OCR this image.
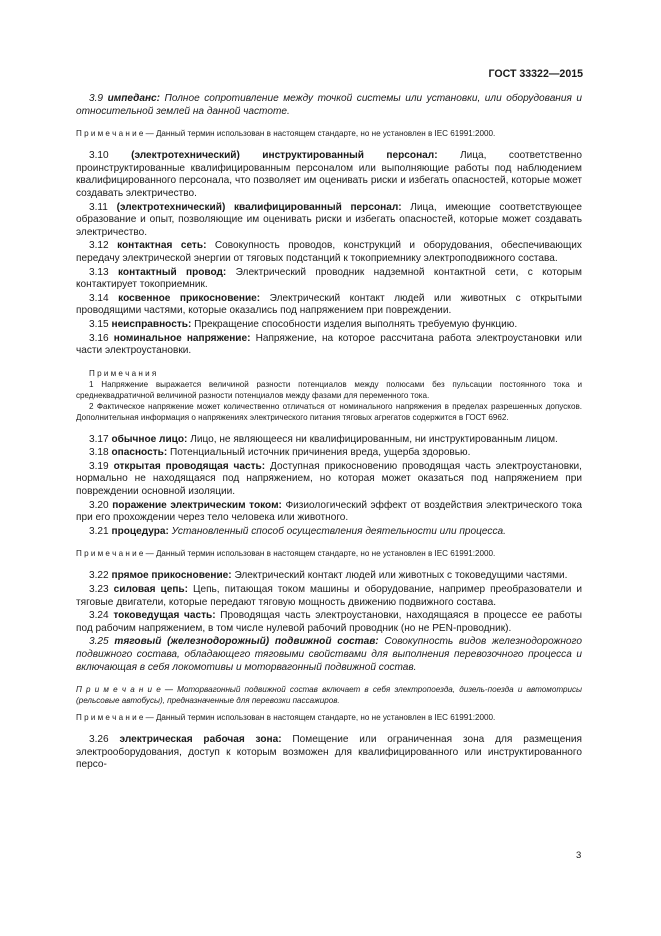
ГОСТ 33322—2015

3.9 импеданс: Полное сопротивление между точкой системы или установки, или оборудования и относительной землей на данной частоте.

П р и м е ч а н и е — Данный термин использован в настоящем стандарте, но не установлен в IEC 61991:2000.

3.10 (электротехнический) инструктированный персонал: Лица, соответственно проинструктированные квалифицированным персоналом или выполняющие работы под наблюдением квалифицированного персонала, что позволяет им оценивать риски и избегать опасностей, которые может создавать электричество.

3.11 (электротехнический) квалифицированный персонал: Лица, имеющие соответствующее образование и опыт, позволяющие им оценивать риски и избегать опасностей, которые может создавать электричество.

3.12 контактная сеть: Совокупность проводов, конструкций и оборудования, обеспечивающих передачу электрической энергии от тяговых подстанций к токоприемнику электроподвижного состава.

3.13 контактный провод: Электрический проводник надземной контактной сети, с которым контактирует токоприемник.

3.14 косвенное прикосновение: Электрический контакт людей или животных с открытыми проводящими частями, которые оказались под напряжением при повреждении.

3.15 неисправность: Прекращение способности изделия выполнять требуемую функцию.

3.16 номинальное напряжение: Напряжение, на которое рассчитана работа электроустановки или части электроустановки.

П р и м е ч а н и я

1 Напряжение выражается величиной разности потенциалов между полюсами без пульсации постоянного тока и среднеквадратичной величиной разности потенциалов между фазами для переменного тока.

2 Фактическое напряжение может количественно отличаться от номинального напряжения в пределах разрешенных допусков. Дополнительная информация о напряжениях электрического питания тяговых агрегатов содержится в ГОСТ 6962.

3.17 обычное лицо: Лицо, не являющееся ни квалифицированным, ни инструктированным лицом.

3.18 опасность: Потенциальный источник причинения вреда, ущерба здоровью.

3.19 открытая проводящая часть: Доступная прикосновению проводящая часть электроустановки, нормально не находящаяся под напряжением, но которая может оказаться под напряжением при повреждении основной изоляции.

3.20 поражение электрическим током: Физиологический эффект от воздействия электрического тока при его прохождении через тело человека или животного.

3.21 процедура: Установленный способ осуществления деятельности или процесса.

П р и м е ч а н и е — Данный термин использован в настоящем стандарте, но не установлен в IEC 61991:2000.

3.22 прямое прикосновение: Электрический контакт людей или животных с токоведущими частями.

3.23 силовая цепь: Цепь, питающая током машины и оборудование, например преобразователи и тяговые двигатели, которые передают тяговую мощность движению подвижного состава.

3.24 токоведущая часть: Проводящая часть электроустановки, находящаяся в процессе ее работы под рабочим напряжением, в том числе нулевой рабочий проводник (но не PEN-проводник).

3.25 тяговый (железнодорожный) подвижной состав: Совокупность видов железнодорожного подвижного состава, обладающего тяговыми свойствами для выполнения перевозочного процесса и включающая в себя локомотивы и моторвагонный подвижной состав.

П р и м е ч а н и е — Моторвагонный подвижной состав включает в себя электропоезда, дизель-поезда и автомотрисы (рельсовые автобусы), предназначенные для перевозки пассажиров.

П р и м е ч а н и е — Данный термин использован в настоящем стандарте, но не установлен в IEC 61991:2000.

3.26 электрическая рабочая зона: Помещение или ограниченная зона для размещения электрооборудования, доступ к которым возможен для квалифицированного или инструктированного персо-

3
